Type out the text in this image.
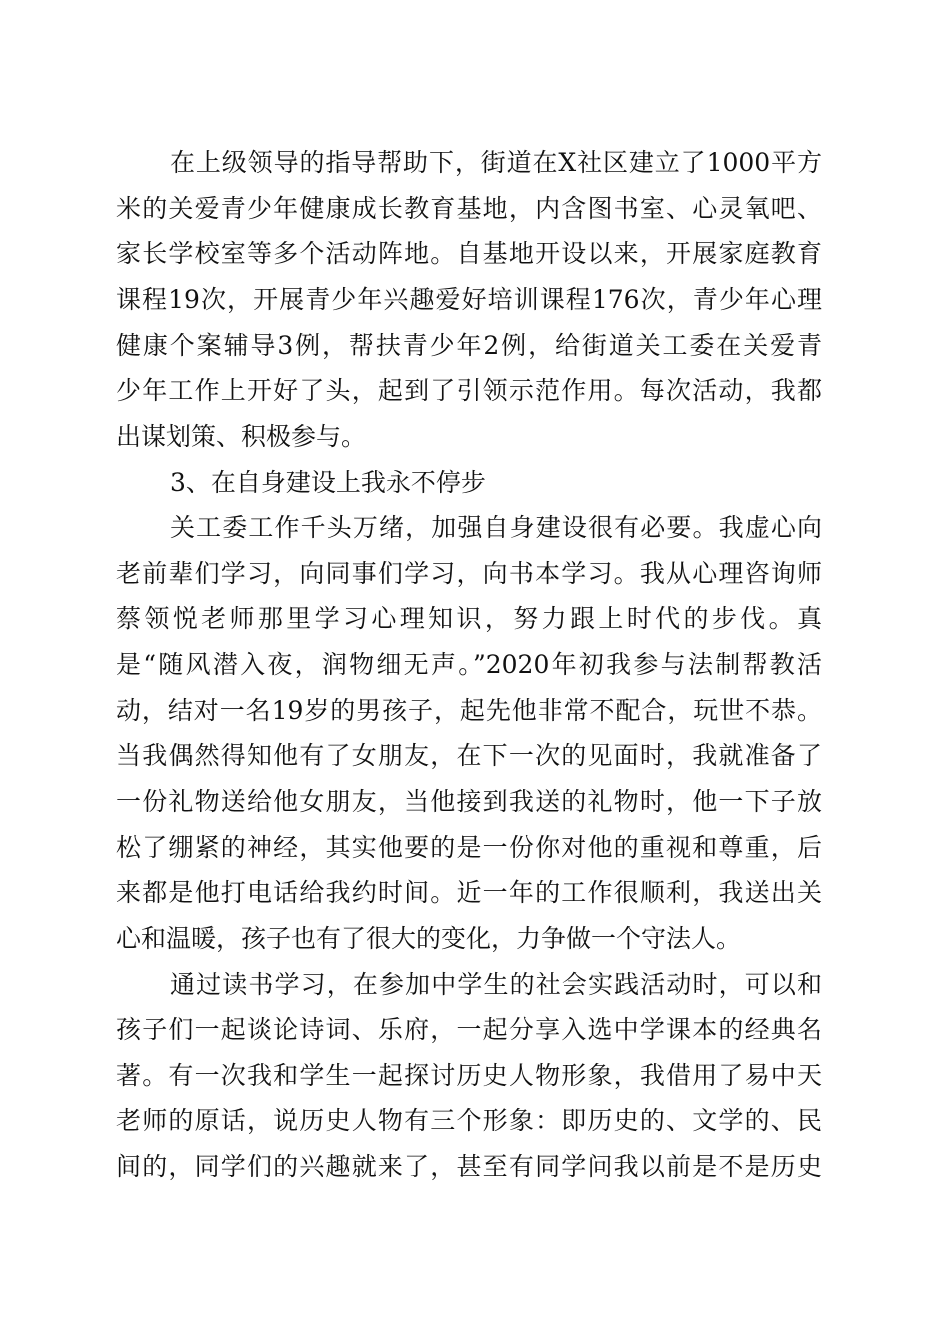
在上级领导的指导帮助下，街道在X社区建立了1000平方
米的关爱青少年健康成长教育基地，内含图书室、心灵氧吧、
家长学校室等多个活动阵地。自基地开设以来，开展家庭教育
课程19次，开展青少年兴趣爱好培训课程176次，青少年心理
健康个案辅导3例，帮扶青少年2例，给街道关工委在关爱青
少年工作上开好了头，起到了引领示范作用。每次活动，我都
出谋划策、积极参与。
3、在自身建设上我永不停步
关工委工作千头万绪，加强自身建设很有必要。我虚心向
老前辈们学习，向同事们学习，向书本学习。我从心理咨询师
蔡领悦老师那里学习心理知识，努力跟上时代的步伐。真
是“随风潜入夜，润物细无声。”2020年初我参与法制帮教活
动，结对一名19岁的男孩子，起先他非常不配合，玩世不恭。
当我偶然得知他有了女朋友，在下一次的见面时，我就准备了
一份礼物送给他女朋友，当他接到我送的礼物时，他一下子放
松了绷紧的神经，其实他要的是一份你对他的重视和尊重，后
来都是他打电话给我约时间。近一年的工作很顺利，我送出关
心和温暖，孩子也有了很大的变化，力争做一个守法人。
通过读书学习，在参加中学生的社会实践活动时，可以和
孩子们一起谈论诗词、乐府，一起分享入选中学课本的经典名
著。有一次我和学生一起探讨历史人物形象，我借用了易中天
老师的原话，说历史人物有三个形象：即历史的、文学的、民
间的，同学们的兴趣就来了，甚至有同学问我以前是不是历史
